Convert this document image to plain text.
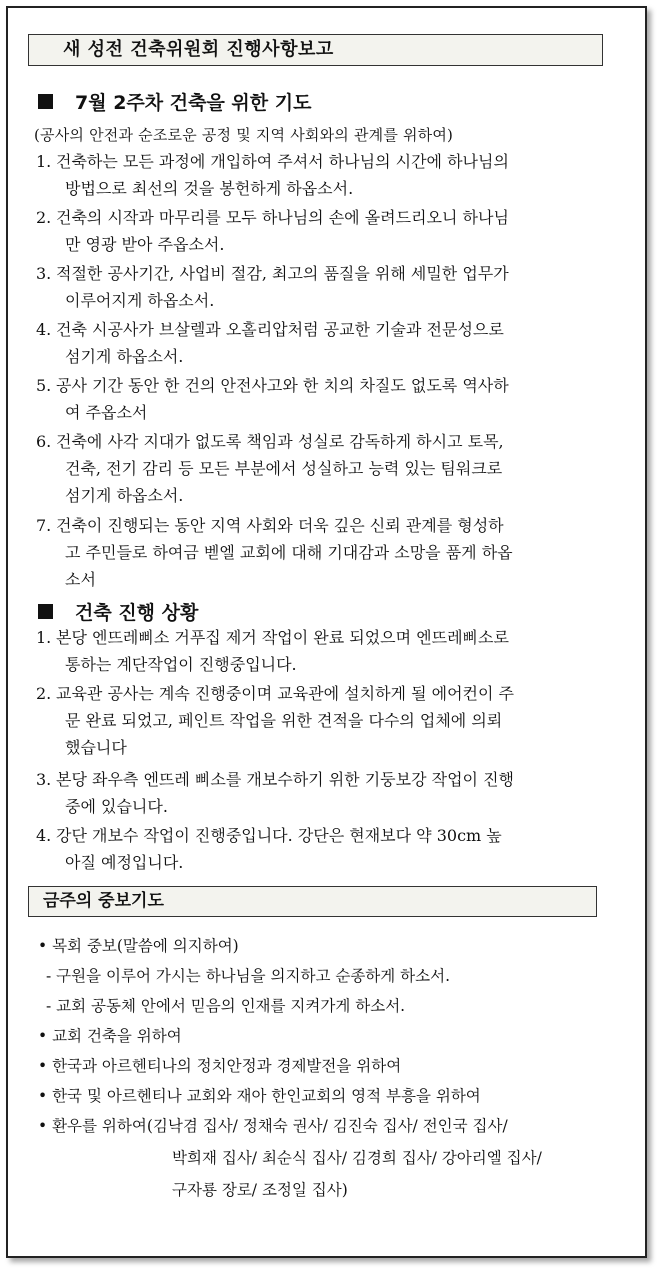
새 성전 건축위원회 진행사항보고
7월 2주차 건축을 위한 기도
(공사의 안전과 순조로운 공정 및 지역 사회와의 관계를 위하여)
1. 건축하는 모든 과정에 개입하여 주셔서 하나님의 시간에 하나님의
방법으로 최선의 것을 봉헌하게 하옵소서.
2. 건축의 시작과 마무리를 모두 하나님의 손에 올려드리오니 하나님
만 영광 받아 주옵소서.
3. 적절한 공사기간, 사업비 절감, 최고의 품질을 위해 세밀한 업무가
이루어지게 하옵소서.
4. 건축 시공사가 브살렐과 오홀리압처럼 공교한 기술과 전문성으로
섬기게 하옵소서.
5. 공사 기간 동안 한 건의 안전사고와 한 치의 차질도 없도록 역사하
여 주옵소서
6. 건축에 사각 지대가 없도록 책임과 성실로 감독하게 하시고 토목,
건축, 전기 감리 등 모든 부분에서 성실하고 능력 있는 팀워크로
섬기게 하옵소서.
7. 건축이 진행되는 동안 지역 사회와 더욱 깊은 신뢰 관계를 형성하
고 주민들로 하여금 벧엘 교회에 대해 기대감과 소망을 품게 하옵
소서
건축 진행 상황
1. 본당 엔뜨레삐소 거푸집 제거 작업이 완료 되었으며 엔뜨레삐소로
통하는 계단작업이 진행중입니다.
2. 교육관 공사는 계속 진행중이며 교육관에 설치하게 될 에어컨이 주
문 완료 되었고, 페인트 작업을 위한 견적을 다수의 업체에 의뢰
했습니다
3. 본당 좌우측 엔뜨레 삐소를 개보수하기 위한 기둥보강 작업이 진행
중에 있습니다.
4. 강단 개보수 작업이 진행중입니다. 강단은 현재보다 약 30cm 높
아질 예정입니다.
금주의 중보기도
• 목회 중보(말씀에 의지하여)
- 구원을 이루어 가시는 하나님을 의지하고 순종하게 하소서.
- 교회 공동체 안에서 믿음의 인재를 지켜가게 하소서.
• 교회 건축을 위하여
• 한국과 아르헨티나의 정치안정과 경제발전을 위하여
• 한국 및 아르헨티나 교회와 재아 한인교회의 영적 부흥을 위하여
• 환우를 위하여(김낙겸 집사/ 정채숙 권사/ 김진숙 집사/ 전인국 집사/
박희재 집사/ 최순식 집사/ 김경희 집사/ 강아리엘 집사/
구자룡 장로/ 조정일 집사)
